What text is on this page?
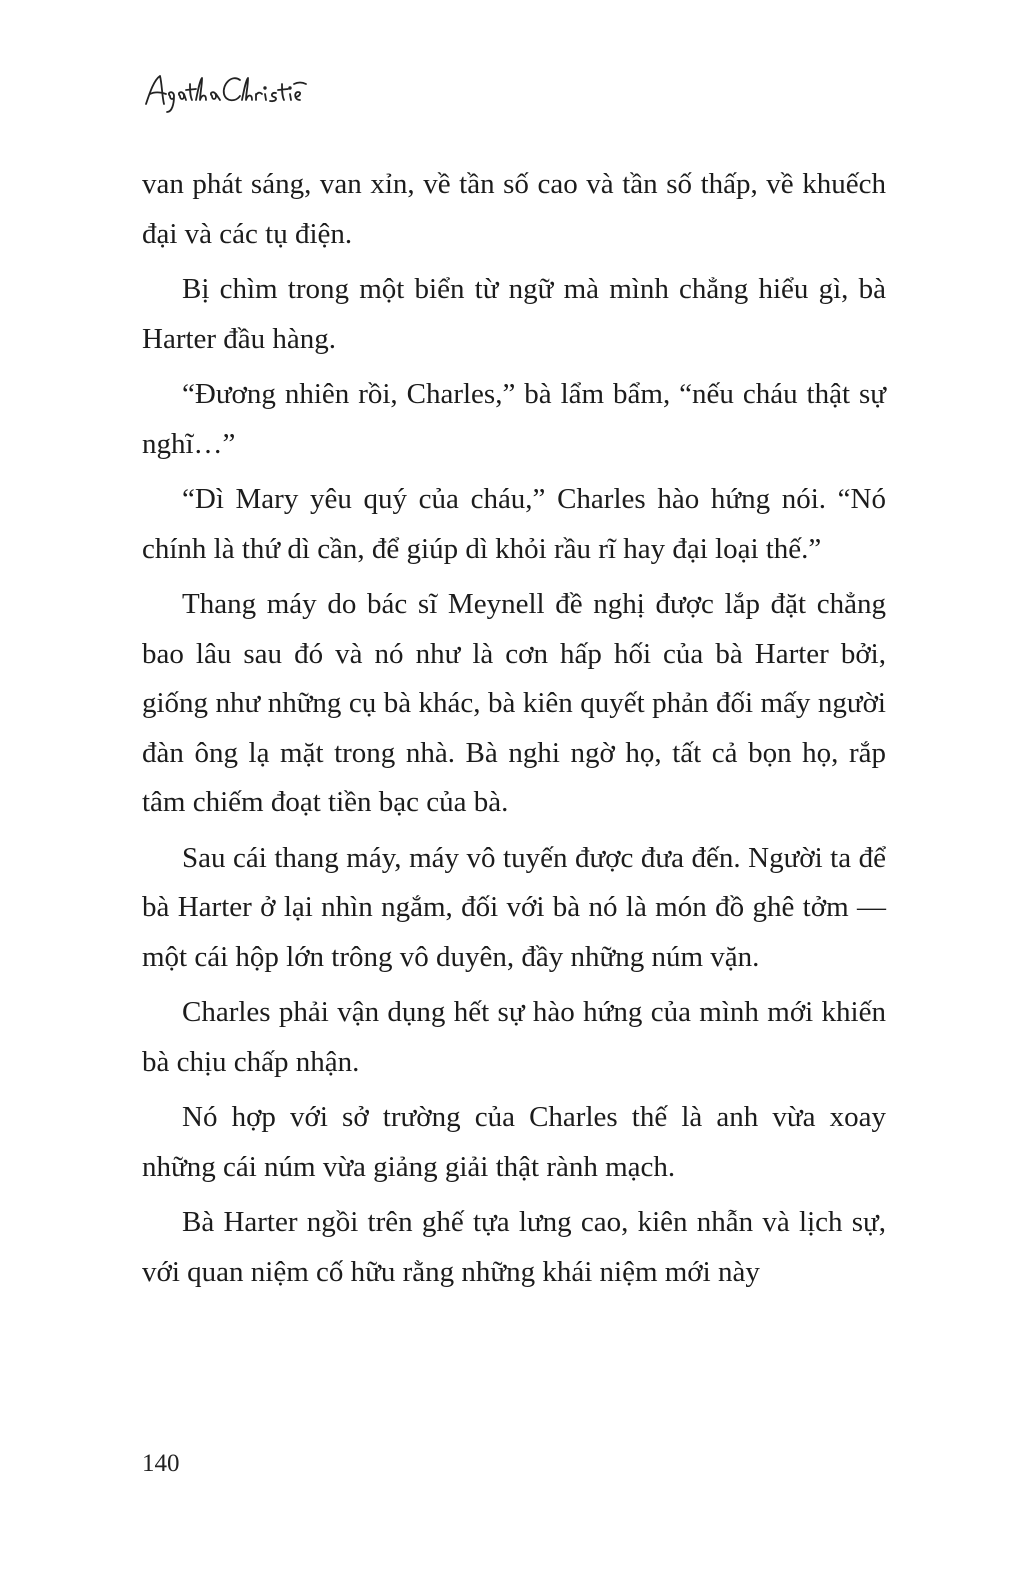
van phát sáng, van xỉn, về tần số cao và tần số thấp, về khuếch đại và các tụ điện.

Bị chìm trong một biển từ ngữ mà mình chẳng hiểu gì, bà Harter đầu hàng.

“Đương nhiên rồi, Charles,” bà lẩm bẩm, “nếu cháu thật sự nghĩ…”

“Dì Mary yêu quý của cháu,” Charles hào hứng nói. “Nó chính là thứ dì cần, để giúp dì khỏi rầu rĩ hay đại loại thế.”

Thang máy do bác sĩ Meynell đề nghị được lắp đặt chẳng bao lâu sau đó và nó như là cơn hấp hối của bà Harter bởi, giống như những cụ bà khác, bà kiên quyết phản đối mấy người đàn ông lạ mặt trong nhà. Bà nghi ngờ họ, tất cả bọn họ, rắp tâm chiếm đoạt tiền bạc của bà.

Sau cái thang máy, máy vô tuyến được đưa đến. Người ta để bà Harter ở lại nhìn ngắm, đối với bà nó là món đồ ghê tởm — một cái hộp lớn trông vô duyên, đầy những núm vặn.

Charles phải vận dụng hết sự hào hứng của mình mới khiến bà chịu chấp nhận.

Nó hợp với sở trường của Charles thế là anh vừa xoay những cái núm vừa giảng giải thật rành mạch.

Bà Harter ngồi trên ghế tựa lưng cao, kiên nhẫn và lịch sự, với quan niệm cố hữu rằng những khái niệm mới này

140
